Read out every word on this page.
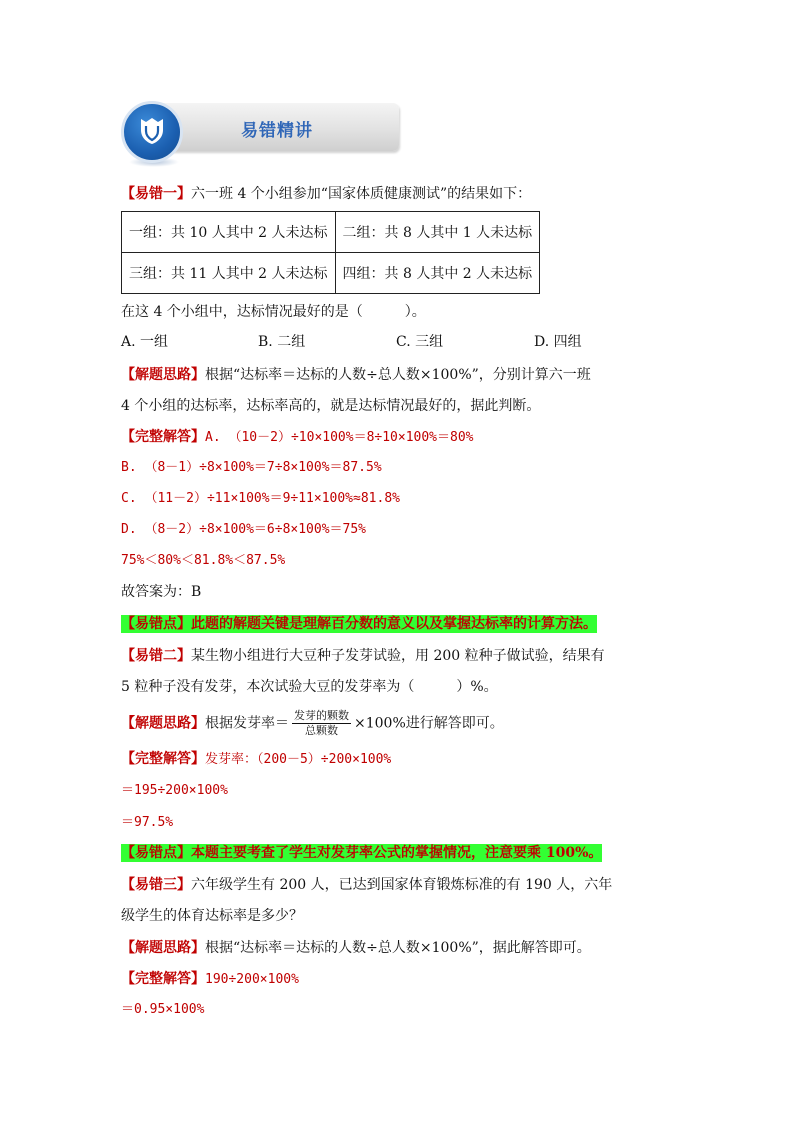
易错精讲
【易错一】六一班 4 个小组参加“国家体质健康测试”的结果如下：
一组：共 10 人其中 2 人未达标	二组：共 8 人其中 1 人未达标
三组：共 11 人其中 2 人未达标	四组：共 8 人其中 2 人未达标
在这 4 个小组中，达标情况最好的是（　　　）。
A. 一组	B. 二组	C. 三组	D. 四组
【解题思路】根据“达标率＝达标的人数÷总人数×100%”，分别计算六一班
4 个小组的达标率，达标率高的，就是达标情况最好的，据此判断。
【完整解答】A. （10－2）÷10×100%＝8÷10×100%＝80%
B. （8－1）÷8×100%＝7÷8×100%＝87.5%
C. （11－2）÷11×100%＝9÷11×100%≈81.8%
D. （8－2）÷8×100%＝6÷8×100%＝75%
75%＜80%＜81.8%＜87.5%
故答案为：B
【易错点】此题的解题关键是理解百分数的意义以及掌握达标率的计算方法。
【易错二】某生物小组进行大豆种子发芽试验，用 200 粒种子做试验，结果有
5 粒种子没有发芽，本次试验大豆的发芽率为（　　　）%。
【解题思路】根据发芽率＝ $\frac{\text{发芽的颗数}}{\text{总颗数}} \times 100\%$进行解答即可。
【完整解答】发芽率：（200－5）÷200×100%
＝195÷200×100%
＝97.5%
【易错点】本题主要考查了学生对发芽率公式的掌握情况，注意要乘 100%。
【易错三】六年级学生有 200 人，已达到国家体育锻炼标准的有 190 人，六年
级学生的体育达标率是多少？
【解题思路】根据“达标率＝达标的人数÷总人数×100%”，据此解答即可。
【完整解答】190÷200×100%
＝0.95×100%
